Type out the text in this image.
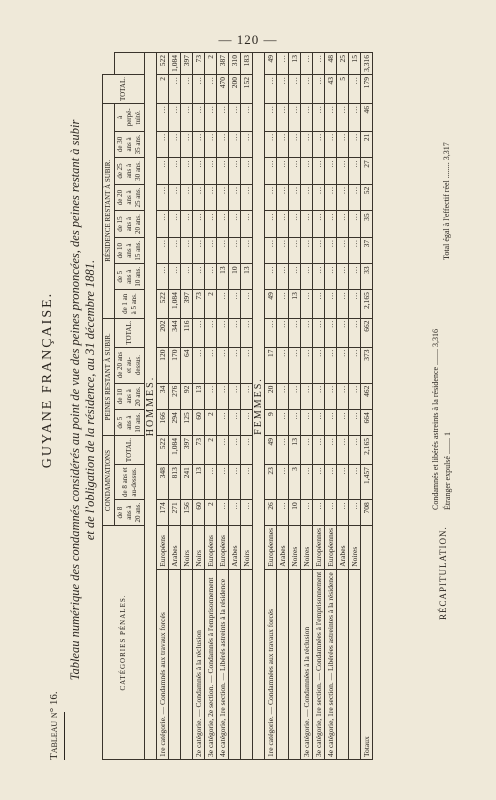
— 120 —
Tableau n° 16.
GUYANE FRANÇAISE. Tableau numérique des condamnés considérés au point de vue des peines prononcées, des peines restant à subir et de l'obligation de la résidence, au 31 décembre 1881.
CATÉGORIES PÉNALES.		CONDAMNATIONS			PEINES RESTANT À SUBIR.				RÉSIDENCE RESTANT À SUBIR.								TOTAL.	
		de 8 ans à 20 ans.	de 8 ans et au-dessus.	TOTAL.	de 5 ans à 10 ans.	de 10 ans à 20 ans.	de 20 ans et au-dessus.	TOTAL.	de 1 an à 5 ans.	de 5 ans à 10 ans.	de 10 ans à 15 ans.	de 15 ans à 20 ans.	de 20 ans à 25 ans.	de 25 ans à 30 ans.	de 30 ans à 35 ans.	à perpé-tuité.		
HOMMES.																		
1re catégorie. — Condamnés aux travaux forcés	Européens	174	348	522	166	34	120	202	522	…	…	…	…	…	…	…	2	522
	Arabes	271	813	1,084	294	276	170	344	1,084	…	…	…	…	…	…	…	…	1,084
	Noirs	156	241	397	125	92	64	116	397	…	…	…	…	…	…	…	…	397
2e catégorie. — Condamnés à la réclusion	Noirs	60	13	73	60	13	…	…	73	…	…	…	…	…	…	…	…	73
3e catégorie, 2e section. — Condamnés à l'emprisonnement	Européens	2	…	2	2	…	…	…	2	…	…	…	…	…	…	…	…	2
4e catégorie, 1re section. — Libérés astreints à la résidence	Européens	…	…	…	…	…	…	…	…	13	…	…	…	…	…	…	470	387
	Arabes	…	…	…	…	…	…	…	…	10	…	…	…	…	…	…	200	310
	Noirs	…	…	…	…	…	…	…	…	13	…	…	…	…	…	…	152	183
FEMMES.																		
1re catégorie. — Condamnées aux travaux forcés	Européennes	26	23	49	9	20	17	…	49	…	…	…	…	…	…	…	…	49
	Arabes	…	…	…	…	…	…	…	…	…	…	…	…	…	…	…	…	…
	Noires	10	3	13	…	…	…	…	13	…	…	…	…	…	…	…	…	13
3e catégorie. — Condamnées à la réclusion	Noires	…	…	…	…	…	…	…	…	…	…	…	…	…	…	…	…	…
3e catégorie, 1re section. — Condamnées à l'emprisonnement	Européennes	…	…	…	…	…	…	…	…	…	…	…	…	…	…	…	…	…
4e catégorie, 1re section. — Libérées astreintes à la résidence	Européennes	…	…	…	…	…	…	…	…	…	…	…	…	…	…	…	43	48
	Arabes	…	…	…	…	…	…	…	…	…	…	…	…	…	…	…	5	25
	Noires	…	…	…	…	…	…	…	…	…	…	…	…	…	…	…	…	15
Totaux		708	1,457	2,165	664	462	373	662	2,165	33	37	35	52	27	21	46	179	3,316
RÉCAPITULATION.
Condamnés et libérés astreints à la résidence ........ 3,316
Étranger expulsé ........ 1
Total égal à l'effectif réel ........ 3,317
